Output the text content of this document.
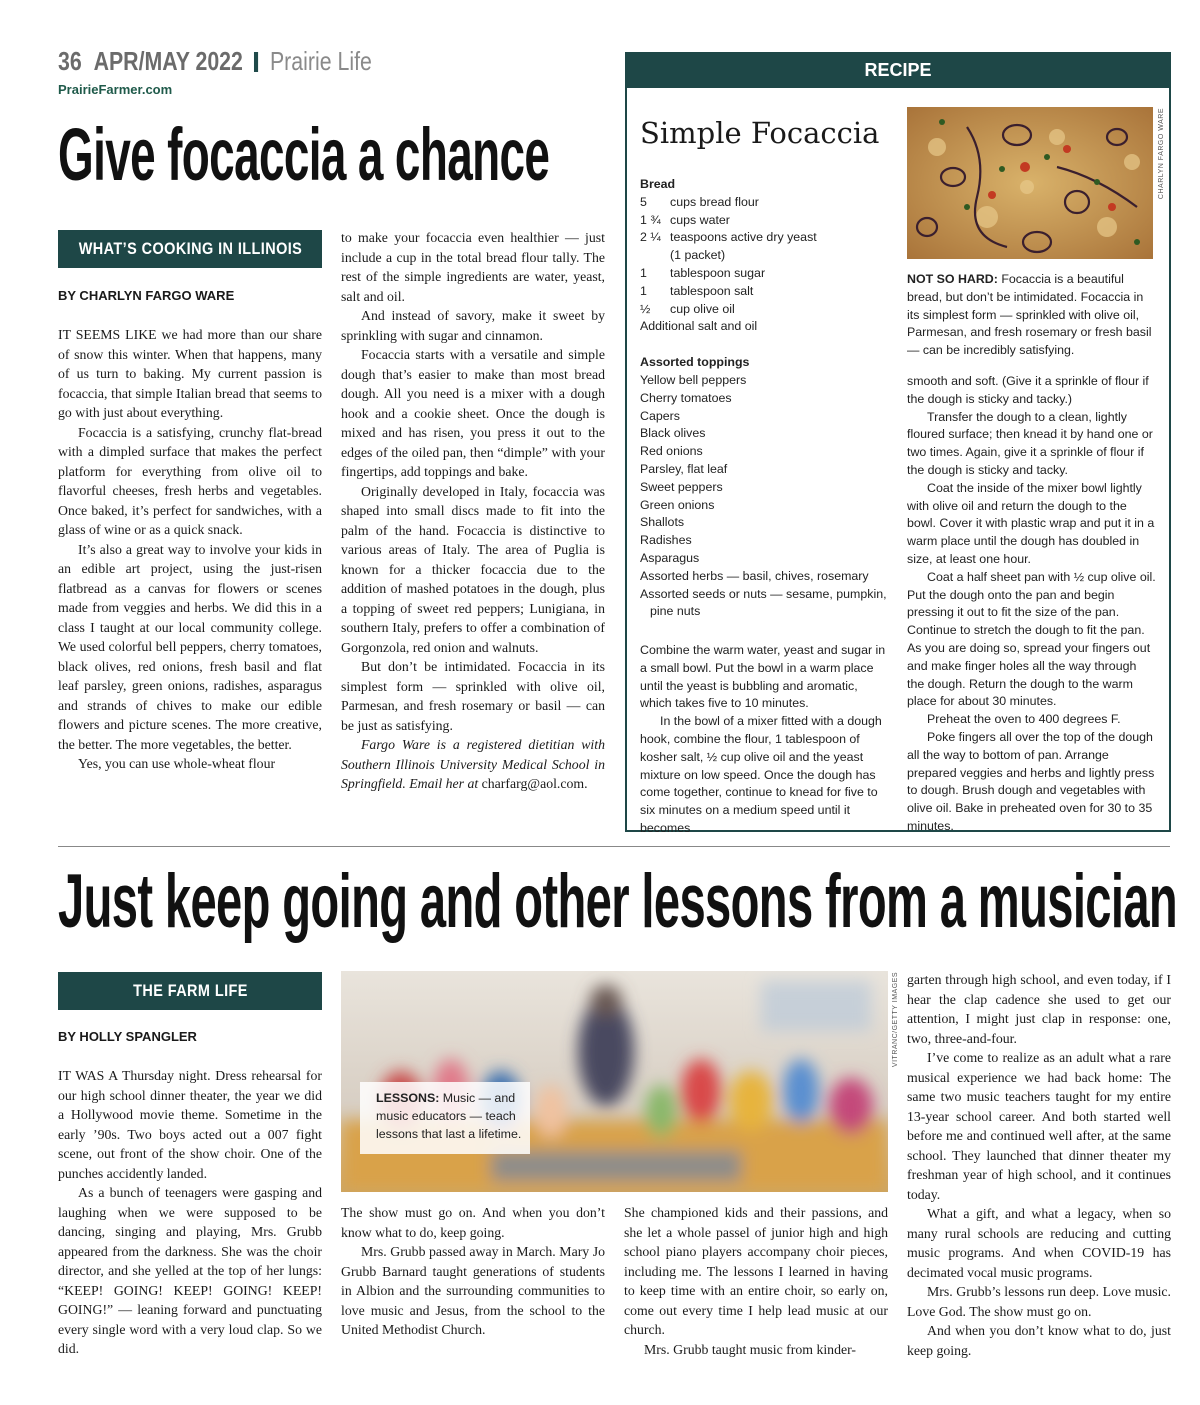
36 APR/MAY 2022 Prairie Life
PrairieFarmer.com
Give focaccia a chance
WHAT’S COOKING IN ILLINOIS
BY CHARLYN FARGO WARE

IT SEEMS LIKE we had more than our share of snow this winter. When that happens, many of us turn to baking. My current passion is focaccia, that simple Italian bread that seems to go with just about everything.

Focaccia is a satisfying, crunchy flat-bread with a dimpled surface that makes the perfect platform for everything from olive oil to flavorful cheeses, fresh herbs and vegetables. Once baked, it’s perfect for sandwiches, with a glass of wine or as a quick snack.

It’s also a great way to involve your kids in an edible art project, using the just-risen flatbread as a canvas for flowers or scenes made from veggies and herbs. We did this in a class I taught at our local community college. We used colorful bell peppers, cherry tomatoes, black olives, red onions, fresh basil and flat leaf parsley, green onions, radishes, asparagus and strands of chives to make our edible flowers and picture scenes. The more creative, the better. The more vegetables, the better.

Yes, you can use whole-wheat flour

to make your focaccia even healthier — just include a cup in the total bread flour tally. The rest of the simple ingredients are water, yeast, salt and oil.

And instead of savory, make it sweet by sprinkling with sugar and cinnamon.

Focaccia starts with a versatile and simple dough that’s easier to make than most bread dough. All you need is a mixer with a dough hook and a cookie sheet. Once the dough is mixed and has risen, you press it out to the edges of the oiled pan, then “dimple” with your fingertips, add toppings and bake.

Originally developed in Italy, focaccia was shaped into small discs made to fit into the palm of the hand. Focaccia is distinctive to various areas of Italy. The area of Puglia is known for a thicker focaccia due to the addition of mashed potatoes in the dough, plus a topping of sweet red peppers; Lunigiana, in southern Italy, prefers to offer a combination of Gorgonzola, red onion and walnuts.

But don’t be intimidated. Focaccia in its simplest form — sprinkled with olive oil, Parmesan, and fresh rosemary or basil — can be just as satisfying.

Fargo Ware is a registered dietitian with Southern Illinois University Medical School in Springfield. Email her at charfarg@aol.com.

RECIPE
Simple Focaccia
Bread
5	cups bread flour
1 ¾ cups water
2 ¼ teaspoons active dry yeast (1 packet)
1	tablespoon sugar
1	tablespoon salt
½	cup olive oil
Additional salt and oil
Assorted toppings
Yellow bell peppers
Cherry tomatoes
Capers
Black olives
Red onions
Parsley, flat leaf
Sweet peppers
Green onions
Shallots
Radishes
Asparagus
Assorted herbs — basil, chives, rosemary
Assorted seeds or nuts — sesame, pumpkin, pine nuts

Combine the warm water, yeast and sugar in a small bowl. Put the bowl in a warm place until the yeast is bubbling and aromatic, which takes five to 10 minutes.

In the bowl of a mixer fitted with a dough hook, combine the flour, 1 tablespoon of kosher salt, ½ cup olive oil and the yeast mixture on low speed. Once the dough has come together, continue to knead for five to six minutes on a medium speed until it becomes

CHARLYN FARGO WARE
NOT SO HARD: Focaccia is a beautiful bread, but don’t be intimidated. Focaccia in its simplest form — sprinkled with olive oil, Parmesan, and fresh rosemary or fresh basil — can be incredibly satisfying.

smooth and soft. (Give it a sprinkle of flour if the dough is sticky and tacky.)

Transfer the dough to a clean, lightly floured surface; then knead it by hand one or two times. Again, give it a sprinkle of flour if the dough is sticky and tacky.

Coat the inside of the mixer bowl lightly with olive oil and return the dough to the bowl. Cover it with plastic wrap and put it in a warm place until the dough has doubled in size, at least one hour.

Coat a half sheet pan with ½ cup olive oil. Put the dough onto the pan and begin pressing it out to fit the size of the pan. Continue to stretch the dough to fit the pan. As you are doing so, spread your fingers out and make finger holes all the way through the dough. Return the dough to the warm place for about 30 minutes.

Preheat the oven to 400 degrees F.

Poke fingers all over the top of the dough all the way to bottom of pan. Arrange prepared veggies and herbs and lightly press to dough. Brush dough and vegetables with olive oil. Bake in preheated oven for 30 to 35 minutes.

Just keep going and other lessons from a musician
THE FARM LIFE
BY HOLLY SPANGLER

IT WAS A Thursday night. Dress rehearsal for our high school dinner theater, the year we did a Hollywood movie theme. Sometime in the early ’90s. Two boys acted out a 007 fight scene, out front of the show choir. One of the punches accidently landed.

As a bunch of teenagers were gasping and laughing when we were supposed to be dancing, singing and playing, Mrs. Grubb appeared from the darkness. She was the choir director, and she yelled at the top of her lungs: “KEEP! GOING! KEEP! GOING! KEEP! GOING!” — leaning forward and punctuating every single word with a very loud clap. So we did.

LESSONS: Music — and music educators — teach lessons that last a lifetime.
VITRANC/GETTY IMAGES

The show must go on. And when you don’t know what to do, keep going.

Mrs. Grubb passed away in March. Mary Jo Grubb Barnard taught generations of students in Albion and the surrounding communities to love music and Jesus, from the school to the United Methodist Church.

She championed kids and their passions, and she let a whole passel of junior high and high school piano players accompany choir pieces, including me. The lessons I learned in having to keep time with an entire choir, so early on, come out every time I help lead music at our church.

Mrs. Grubb taught music from kinder-

garten through high school, and even today, if I hear the clap cadence she used to get our attention, I might just clap in response: one, two, three-and-four.

I’ve come to realize as an adult what a rare musical experience we had back home: The same two music teachers taught for my entire 13-year school career. And both started well before me and continued well after, at the same school. They launched that dinner theater my freshman year of high school, and it continues today.

What a gift, and what a legacy, when so many rural schools are reducing and cutting music programs. And when COVID-19 has decimated vocal music programs.

Mrs. Grubb’s lessons run deep. Love music. Love God. The show must go on.

And when you don’t know what to do, just keep going.
